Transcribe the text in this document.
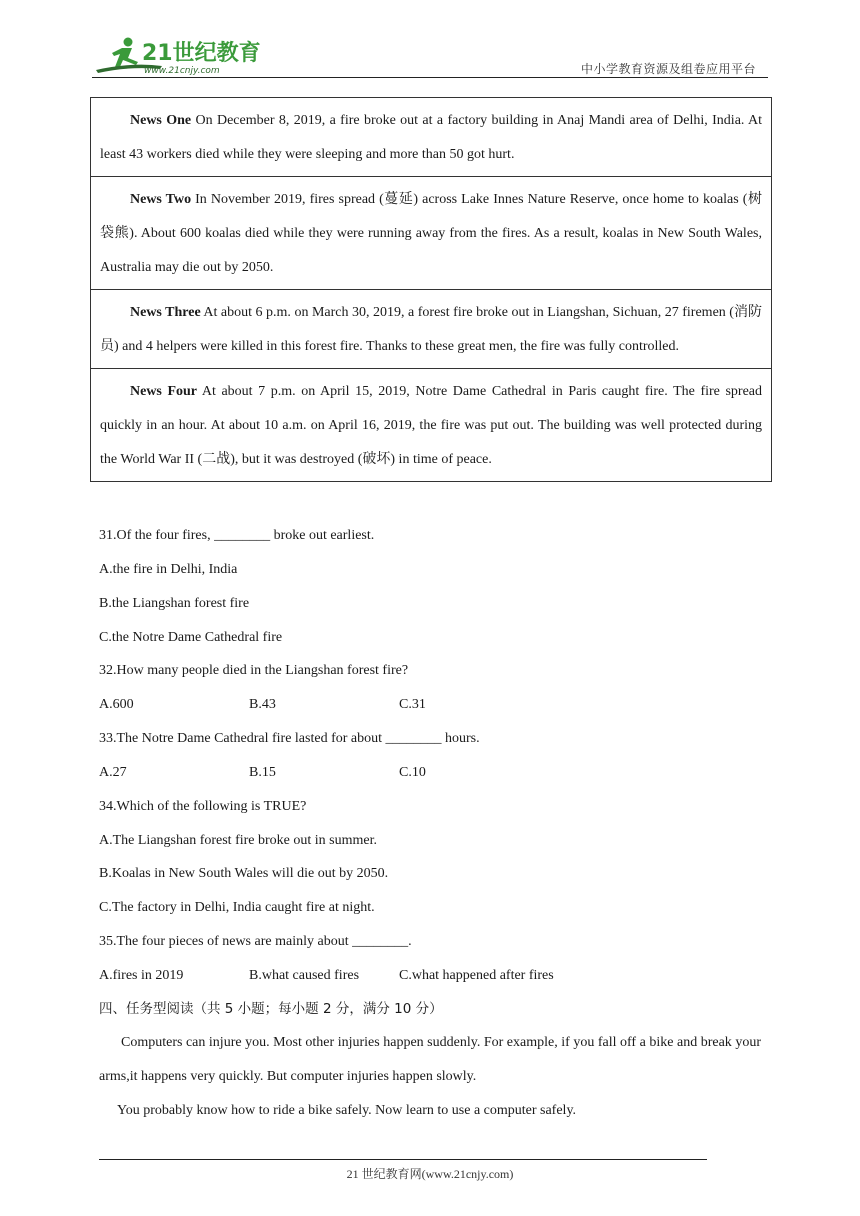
21世纪教育
www.21cnjy.com	中小学教育资源及组卷应用平台
News One On December 8, 2019, a fire broke out at a factory building in Anaj Mandi area of Delhi, India. At least 43 workers died while they were sleeping and more than 50 got hurt.
News Two In November 2019, fires spread (蔓延) across Lake Innes Nature Reserve, once home to koalas (树袋熊). About 600 koalas died while they were running away from the fires. As a result, koalas in New South Wales, Australia may die out by 2050.
News Three At about 6 p.m. on March 30, 2019, a forest fire broke out in Liangshan, Sichuan, 27 firemen (消防员) and 4 helpers were killed in this forest fire. Thanks to these great men, the fire was fully controlled.
News Four At about 7 p.m. on April 15, 2019, Notre Dame Cathedral in Paris caught fire. The fire spread quickly in an hour. At about 10 a.m. on April 16, 2019, the fire was put out. The building was well protected during the World War II (二战), but it was destroyed (破坏) in time of peace.
31.Of the four fires, ________ broke out earliest.
A.the fire in Delhi, India
B.the Liangshan forest fire
C.the Notre Dame Cathedral fire
32.How many people died in the Liangshan forest fire?
A.600	B.43	C.31
33.The Notre Dame Cathedral fire lasted for about ________ hours.
A.27	B.15	C.10
34.Which of the following is TRUE?
A.The Liangshan forest fire broke out in summer.
B.Koalas in New South Wales will die out by 2050.
C.The factory in Delhi, India caught fire at night.
35.The four pieces of news are mainly about ________.
A.fires in 2019	B.what caused fires	C.what happened after fires
四、任务型阅读（共 5 小题；每小题 2 分，满分 10 分）
Computers can injure you. Most other injuries happen suddenly. For example, if you fall off a bike and break your arms,it happens very quickly. But computer injuries happen slowly.
You probably know how to ride a bike safely. Now learn to use a computer safely.
21 世纪教育网(www.21cnjy.com)
